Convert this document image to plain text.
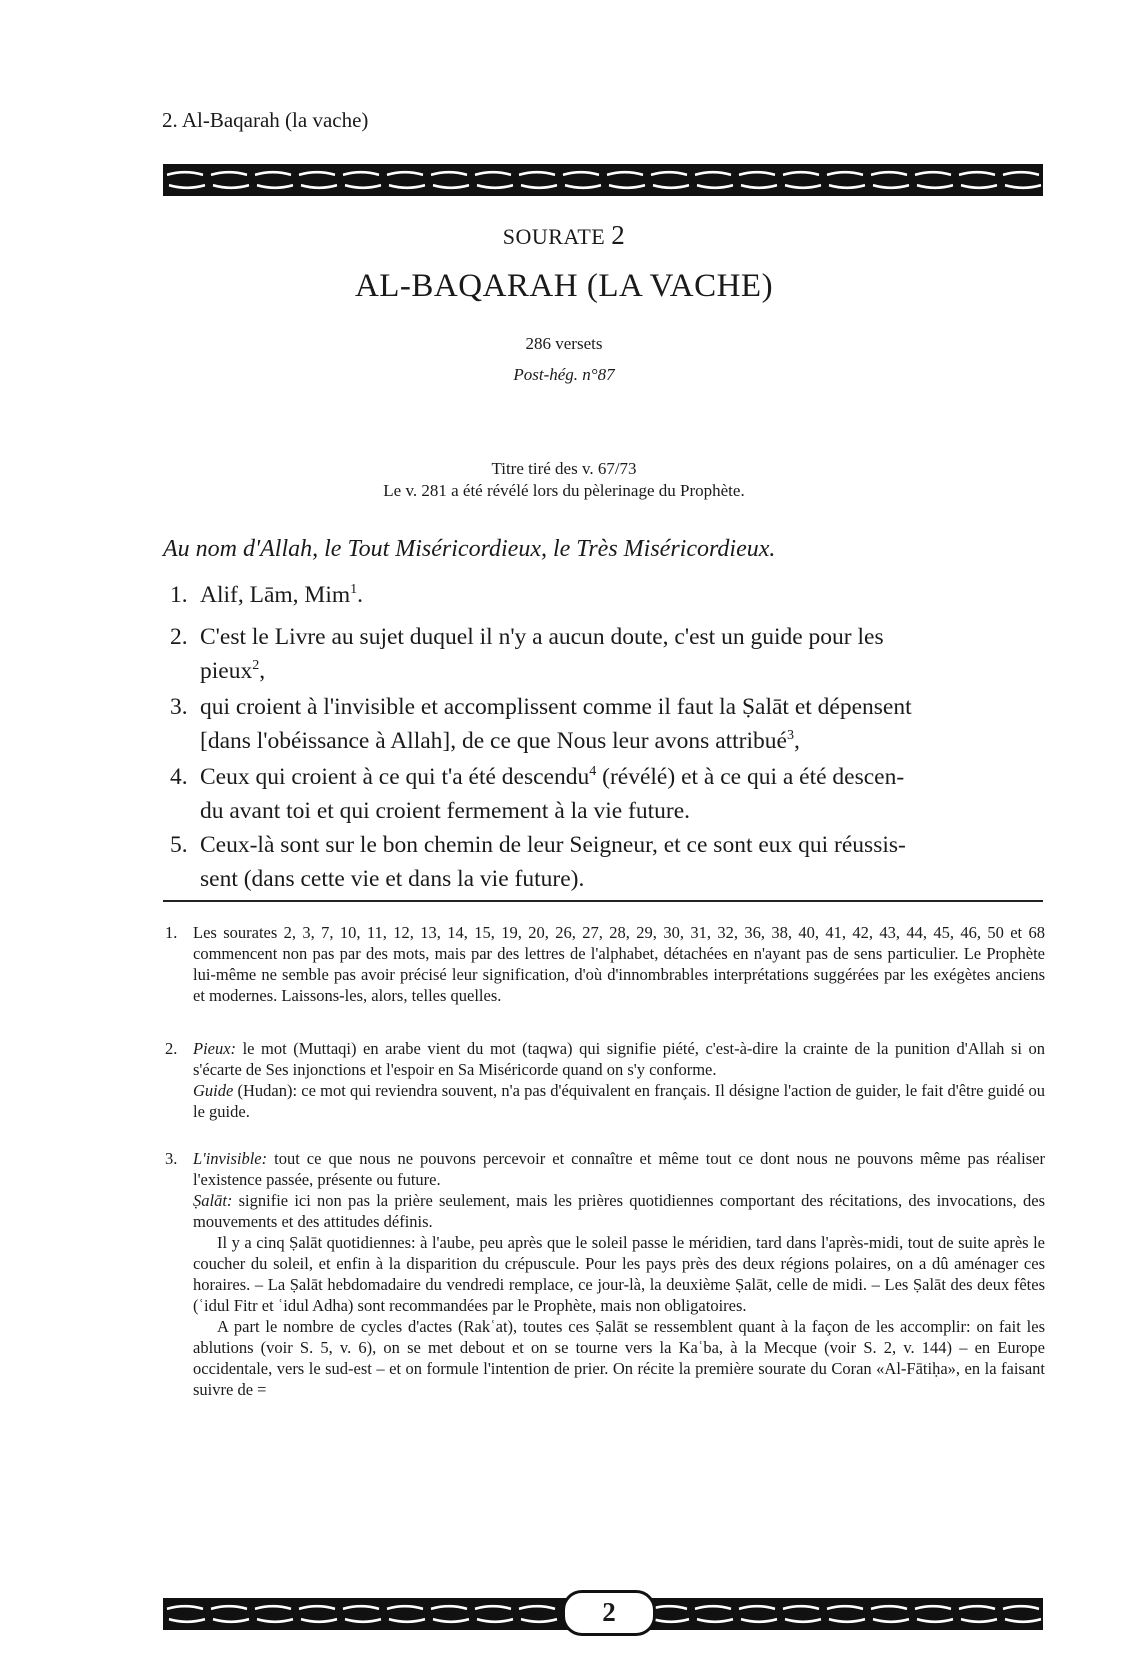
2. Al-Baqarah (la vache)
SOURATE 2
AL-BAQARAH (LA VACHE)
286 versets
Post-hég. n°87
Titre tiré des v. 67/73
Le v. 281 a été révélé lors du pèlerinage du Prophète.
Au nom d'Allah, le Tout Miséricordieux, le Très Miséricordieux.
1. Alif, Lām, Mim$^1$.
2. C'est le Livre au sujet duquel il n'y a aucun doute, c'est un guide pour les
pieux$^2$,
3. qui croient à l'invisible et accomplissent comme il faut la Ṣalāt et dépensent
[dans l'obéissance à Allah], de ce que Nous leur avons attribué$^3$,
4. Ceux qui croient à ce qui t'a été descendu$^4$ (révélé) et à ce qui a été descen-
du avant toi et qui croient fermement à la vie future.
5. Ceux-là sont sur le bon chemin de leur Seigneur, et ce sont eux qui réussis-
sent (dans cette vie et dans la vie future).
1. Les sourates 2, 3, 7, 10, 11, 12, 13, 14, 15, 19, 20, 26, 27, 28, 29, 30, 31, 32, 36, 38, 40, 41, 42, 43, 44, 45, 46, 50 et 68 commencent non pas par des mots, mais par des lettres de l'alphabet, détachées en n'ayant pas de sens particulier. Le Prophète lui-même ne semble pas avoir précisé leur signification, d'où d'innombrables interprétations suggérées par les exégètes anciens et modernes. Laissons-les, alors, telles quelles.

2. Pieux: le mot (Muttaqi) en arabe vient du mot (taqwa) qui signifie piété, c'est-à-dire la crainte de la punition d'Allah si on s'écarte de Ses injonctions et l'espoir en Sa Miséricorde quand on s'y conforme.

Guide (Hudan): ce mot qui reviendra souvent, n'a pas d'équivalent en français. Il désigne l'action de guider, le fait d'être guidé ou le guide.

3. L'invisible: tout ce que nous ne pouvons percevoir et connaître et même tout ce dont nous ne pouvons même pas réaliser l'existence passée, présente ou future.

Ṣalāt: signifie ici non pas la prière seulement, mais les prières quotidiennes comportant des récitations, des invocations, des mouvements et des attitudes définis.

Il y a cinq Ṣalāt quotidiennes: à l'aube, peu après que le soleil passe le méridien, tard dans l'après-midi, tout de suite après le coucher du soleil, et enfin à la disparition du crépuscule. Pour les pays près des deux régions polaires, on a dû aménager ces horaires. – La Ṣalāt hebdomadaire du vendredi remplace, ce jour-là, la deuxième Ṣalāt, celle de midi. – Les Ṣalāt des deux fêtes (ʿidul Fitr et ʿidul Adha) sont recommandées par le Prophète, mais non obligatoires.

A part le nombre de cycles d'actes (Rakʿat), toutes ces Ṣalāt se ressemblent quant à la façon de les accomplir: on fait les ablutions (voir S. 5, v. 6), on se met debout et on se tourne vers la Kaʿba, à la Mecque (voir S. 2, v. 144) – en Europe occidentale, vers le sud-est – et on formule l'intention de prier. On récite la première sourate du Coran «Al-Fātiḥa», en la faisant suivre de =

2
